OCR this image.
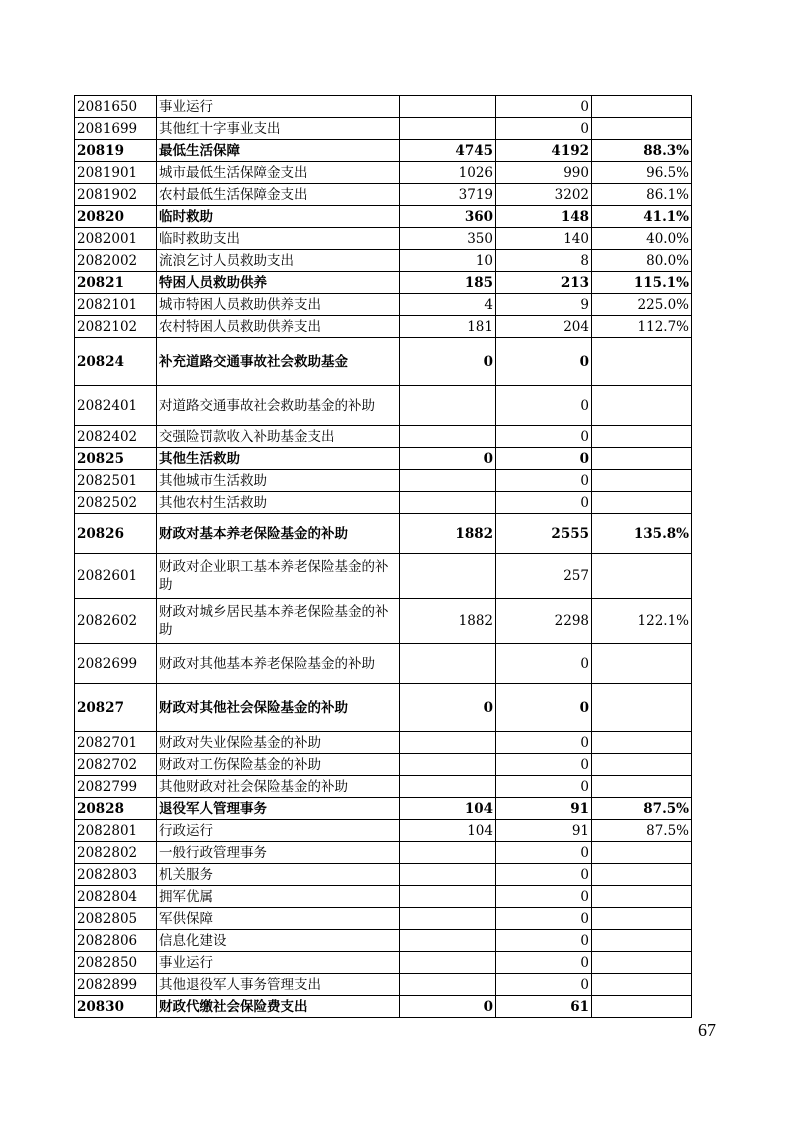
2081650	事业运行		0	
2081699	其他红十字事业支出		0	
20819	最低生活保障	4745	4192	88.3%
2081901	城市最低生活保障金支出	1026	990	96.5%
2081902	农村最低生活保障金支出	3719	3202	86.1%
20820	临时救助	360	148	41.1%
2082001	临时救助支出	350	140	40.0%
2082002	流浪乞讨人员救助支出	10	8	80.0%
20821	特困人员救助供养	185	213	115.1%
2082101	城市特困人员救助供养支出	4	9	225.0%
2082102	农村特困人员救助供养支出	181	204	112.7%
20824	补充道路交通事故社会救助基金	0	0	
2082401	对道路交通事故社会救助基金的补助		0	
2082402	交强险罚款收入补助基金支出		0	
20825	其他生活救助	0	0	
2082501	其他城市生活救助		0	
2082502	其他农村生活救助		0	
20826	财政对基本养老保险基金的补助	1882	2555	135.8%
2082601	财政对企业职工基本养老保险基金的补助		257	
2082602	财政对城乡居民基本养老保险基金的补助	1882	2298	122.1%
2082699	财政对其他基本养老保险基金的补助		0	
20827	财政对其他社会保险基金的补助	0	0	
2082701	财政对失业保险基金的补助		0	
2082702	财政对工伤保险基金的补助		0	
2082799	其他财政对社会保险基金的补助		0	
20828	退役军人管理事务	104	91	87.5%
2082801	行政运行	104	91	87.5%
2082802	一般行政管理事务		0	
2082803	机关服务		0	
2082804	拥军优属		0	
2082805	军供保障		0	
2082806	信息化建设		0	
2082850	事业运行		0	
2082899	其他退役军人事务管理支出		0	
20830	财政代缴社会保险费支出	0	61	
67
